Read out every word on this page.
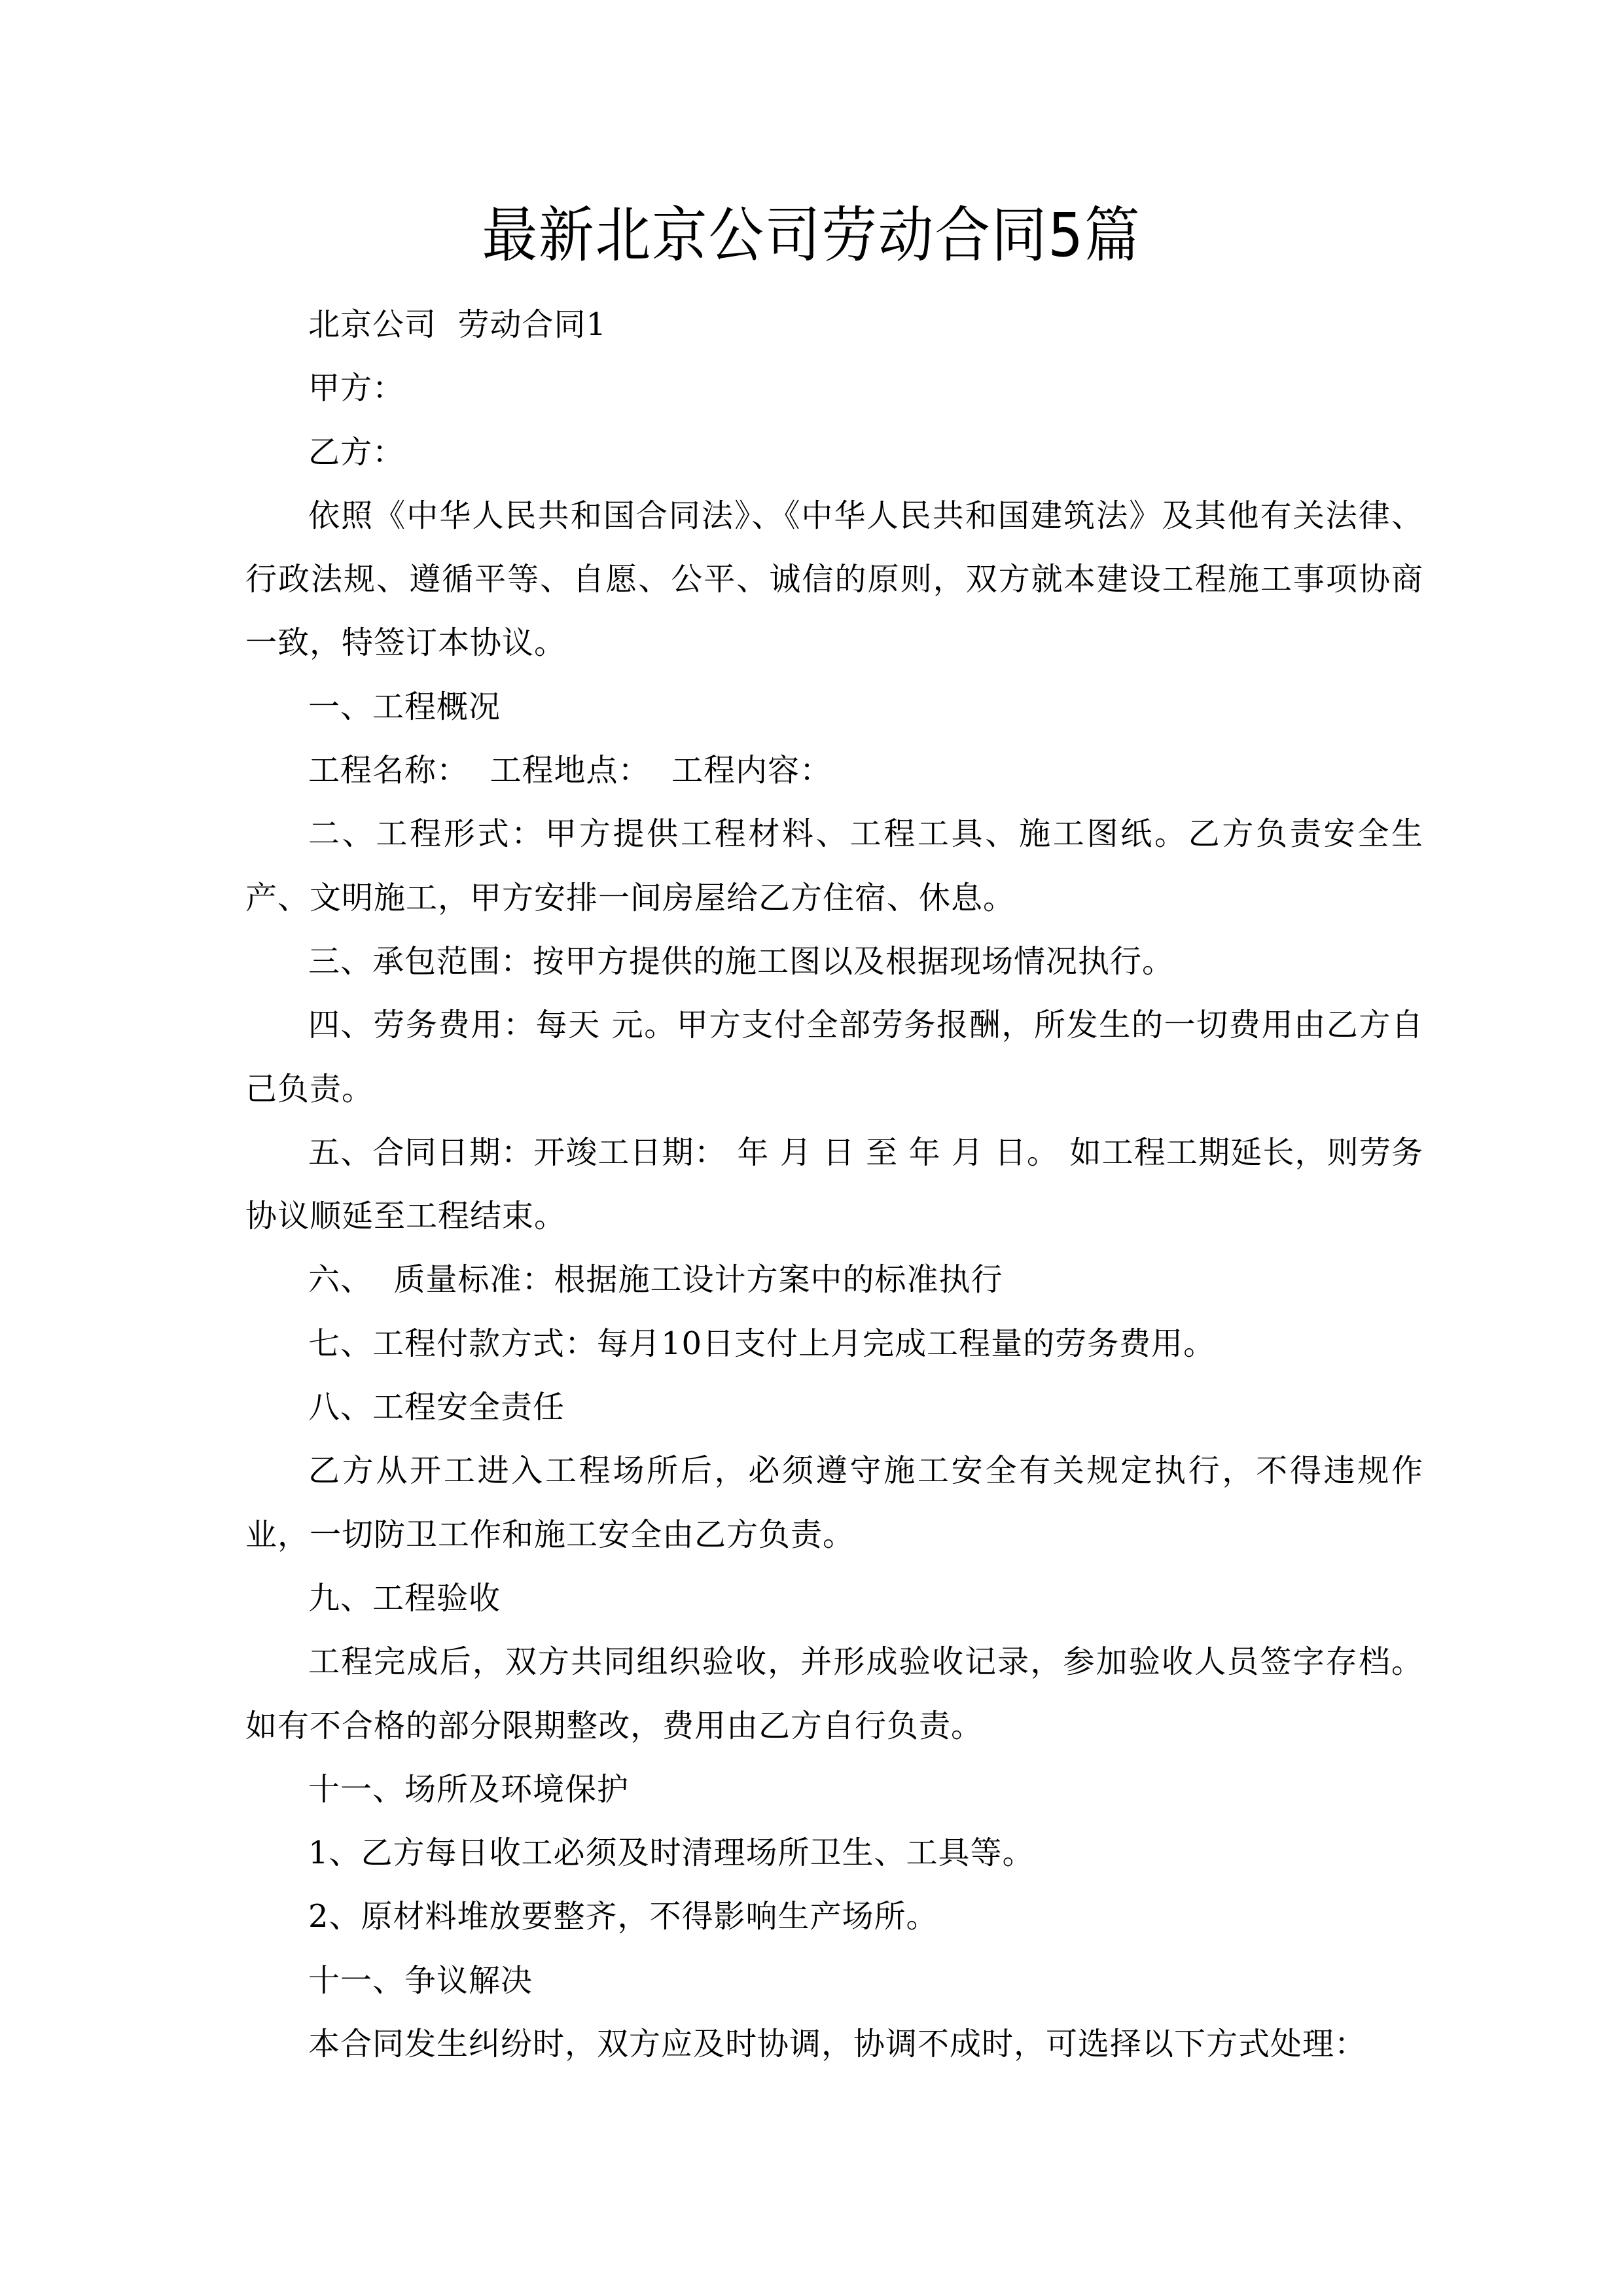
最新北京公司劳动合同5篇

北京公司  劳动合同1

甲方：

乙方：

依照《中华人民共和国合同法》、《中华人民共和国建筑法》及其他有关法律、行政法规、遵循平等、自愿、公平、诚信的原则，双方就本建设工程施工事项协商一致，特签订本协议。

一、工程概况

工程名称：  工程地点：  工程内容：

二、工程形式：甲方提供工程材料、工程工具、施工图纸。乙方负责安全生产、文明施工，甲方安排一间房屋给乙方住宿、休息。

三、承包范围：按甲方提供的施工图以及根据现场情况执行。

四、劳务费用：每天 元。甲方支付全部劳务报酬，所发生的一切费用由乙方自己负责。

五、合同日期：开竣工日期： 年 月 日 至 年 月 日。 如工程工期延长，则劳务协议顺延至工程结束。

六、  质量标准：根据施工设计方案中的标准执行

七、工程付款方式：每月10日支付上月完成工程量的劳务费用。

八、工程安全责任

乙方从开工进入工程场所后，必须遵守施工安全有关规定执行，不得违规作业，一切防卫工作和施工安全由乙方负责。

九、工程验收

工程完成后，双方共同组织验收，并形成验收记录，参加验收人员签字存档。如有不合格的部分限期整改，费用由乙方自行负责。

十一、场所及环境保护

1、乙方每日收工必须及时清理场所卫生、工具等。

2、原材料堆放要整齐，不得影响生产场所。

十一、争议解决

本合同发生纠纷时，双方应及时协调，协调不成时，可选择以下方式处理：
